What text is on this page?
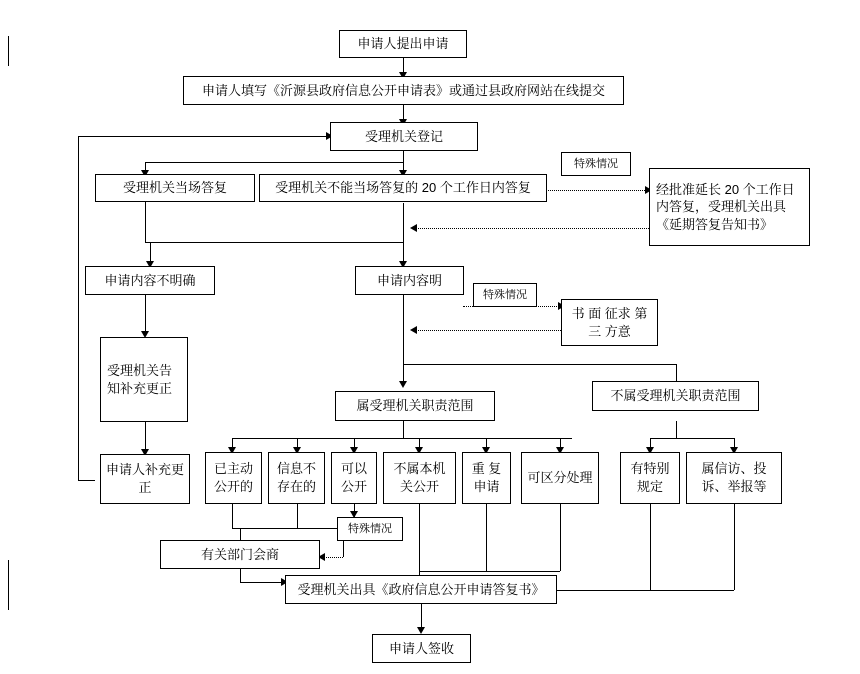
申请人提出申请
申请人填写《沂源县政府信息公开申请表》或通过县政府网站在线提交
受理机关登记
受理机关当场答复	受理机关不能当场答复的 20 个工作日内答复
特殊情况
经批准延长 20 个工作日内答复，受理机关出具《延期答复告知书》
申请内容不明确	申请内容明
特殊情况
书 面 征求 第 三 方意
受理机关告知补充更正
属受理机关职责范围
不属受理机关职责范围
申请人补充更正
已主动公开的
信息不存在的
可以公开
不属本机关公开
重 复申请
可区分处理
有特别规定
属信访、投诉、举报等
特殊情况
有关部门会商
受理机关出具《政府信息公开申请答复书》
申请人签收
